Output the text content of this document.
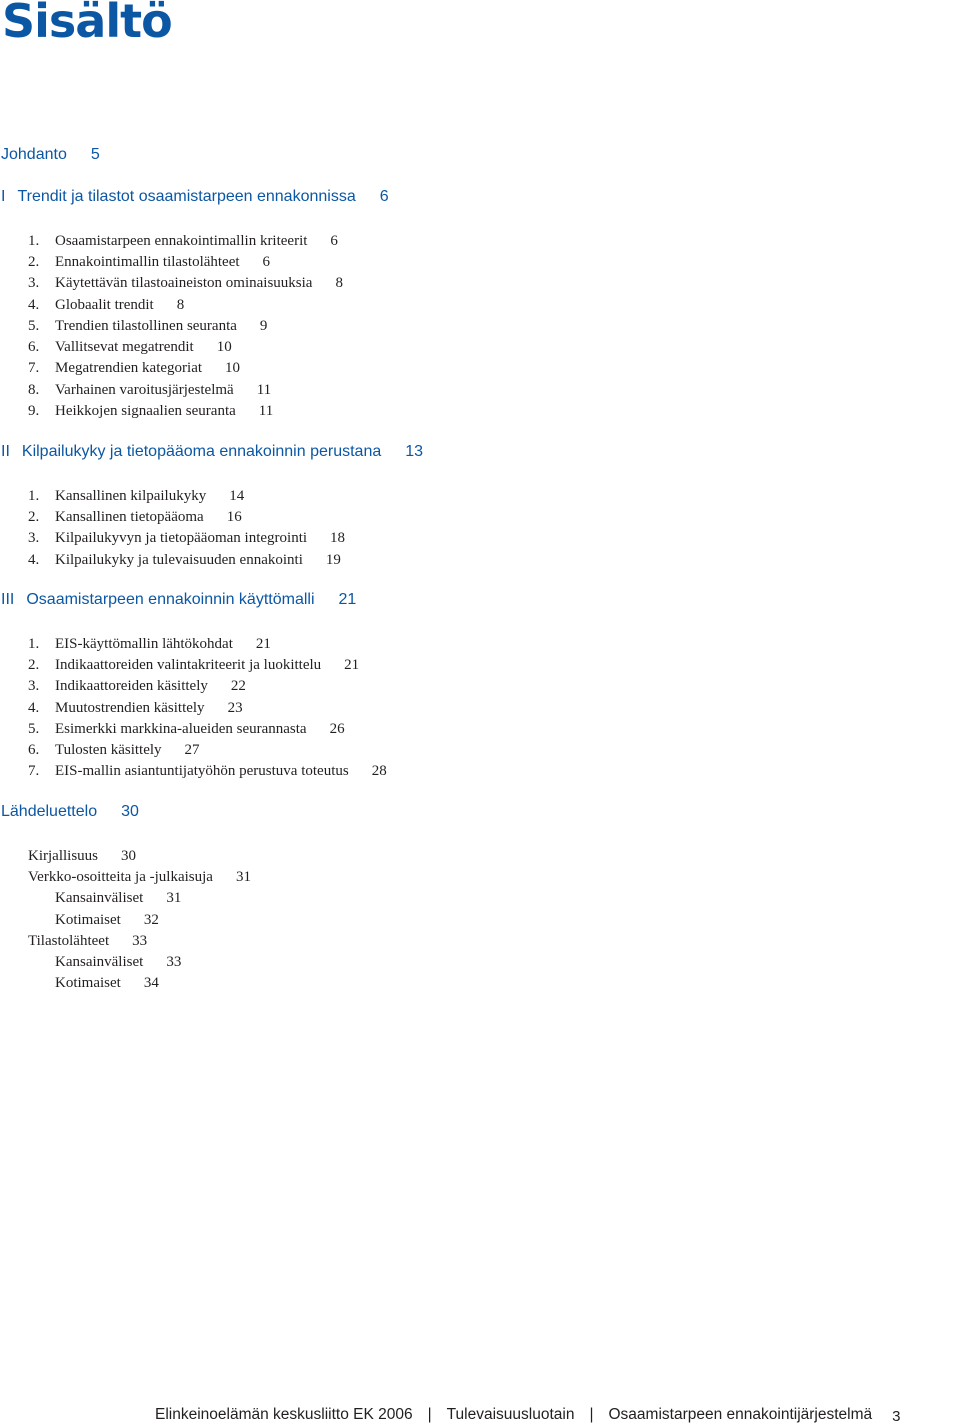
Sisältö
Johdanto 5
I Trendit ja tilastot osaamistarpeen ennakonnissa 6
1. Osaamistarpeen ennakointimallin kriteerit 6
2. Ennakointimallin tilastolähteet 6
3. Käytettävän tilastoaineiston ominaisuuksia 8
4. Globaalit trendit 8
5. Trendien tilastollinen seuranta 9
6. Vallitsevat megatrendit 10
7. Megatrendien kategoriat 10
8. Varhainen varoitusjärjestelmä 11
9. Heikkojen signaalien seuranta 11
II Kilpailukyky ja tietopääoma ennakoinnin perustana 13
1. Kansallinen kilpailukyky 14
2. Kansallinen tietopääoma 16
3. Kilpailukyvyn ja tietopääoman integrointi 18
4. Kilpailukyky ja tulevaisuuden ennakointi 19
III Osaamistarpeen ennakoinnin käyttömalli 21
1. EIS-käyttömallin lähtökohdat 21
2. Indikaattoreiden valintakriteerit ja luokittelu 21
3. Indikaattoreiden käsittely 22
4. Muutostrendien käsittely 23
5. Esimerkki markkina-alueiden seurannasta 26
6. Tulosten käsittely 27
7. EIS-mallin asiantuntijatyöhön perustuva toteutus 28
Lähdeluettelo 30
Kirjallisuus 30
Verkko-osoitteita ja -julkaisuja 31
Kansainväliset 31
Kotimaiset 32
Tilastolähteet 33
Kansainväliset 33
Kotimaiset 34
Elinkeinoelämän keskusliitto EK 2006 | Tulevaisuusluotain | Osaamistarpeen ennakointijärjestelmä 3
